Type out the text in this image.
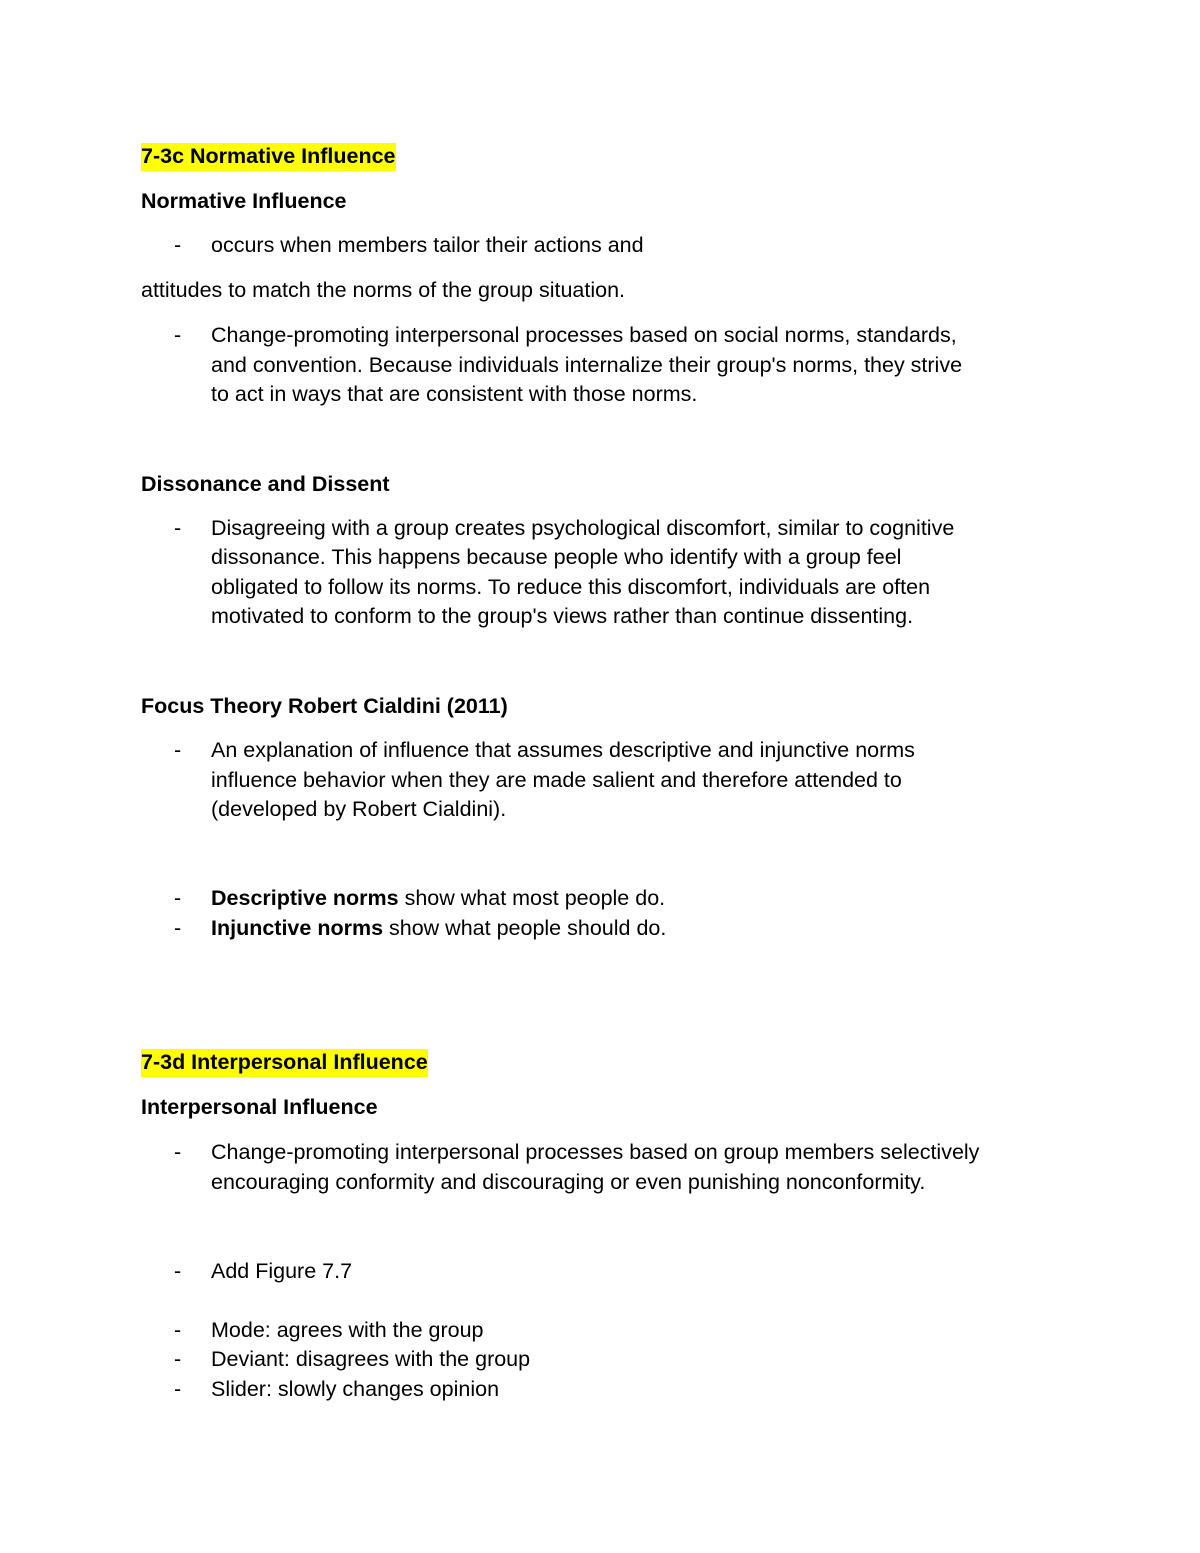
7-3c Normative Influence
Normative Influence
- occurs when members tailor their actions and
attitudes to match the norms of the group situation.
- Change-promoting interpersonal processes based on social norms, standards,
and convention. Because individuals internalize their group's norms, they strive
to act in ways that are consistent with those norms.
Dissonance and Dissent
- Disagreeing with a group creates psychological discomfort, similar to cognitive
dissonance. This happens because people who identify with a group feel
obligated to follow its norms. To reduce this discomfort, individuals are often
motivated to conform to the group's views rather than continue dissenting.
Focus Theory Robert Cialdini (2011)
- An explanation of influence that assumes descriptive and injunctive norms
influence behavior when they are made salient and therefore attended to
(developed by Robert Cialdini).
- Descriptive norms show what most people do.
- Injunctive norms show what people should do.
7-3d Interpersonal Influence
Interpersonal Influence
- Change-promoting interpersonal processes based on group members selectively
encouraging conformity and discouraging or even punishing nonconformity.
- Add Figure 7.7
- Mode: agrees with the group
- Deviant: disagrees with the group
- Slider: slowly changes opinion
